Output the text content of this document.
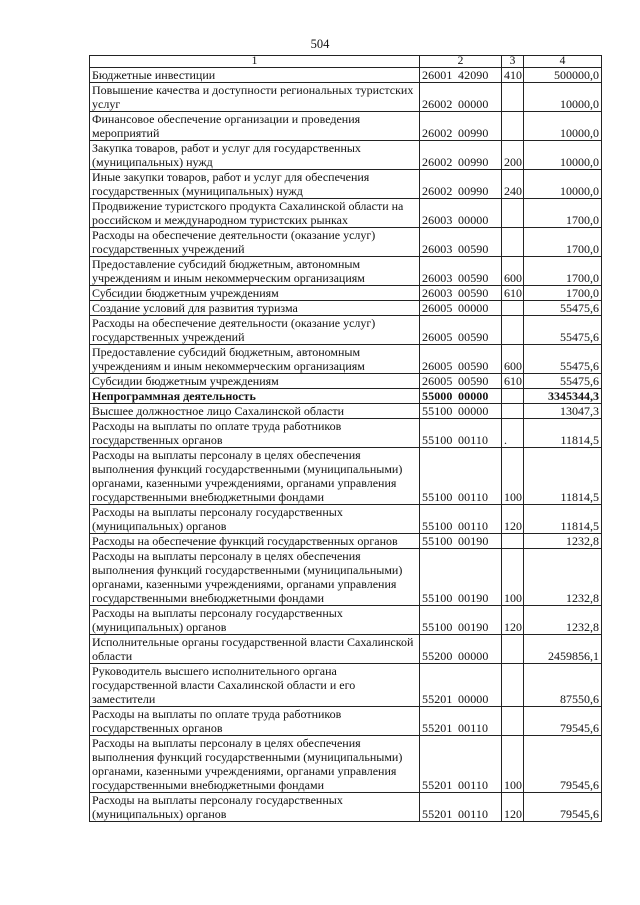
504
1	2	3	4
Бюджетные инвестиции	26001 42090	410	500000,0
Повышение качества и доступности региональных туристских услуг	26002 00000		10000,0
Финансовое обеспечение организации и проведения мероприятий	26002 00990		10000,0
Закупка товаров, работ и услуг для государственных (муниципальных) нужд	26002 00990	200	10000,0
Иные закупки товаров, работ и услуг для обеспечения государственных (муниципальных) нужд	26002 00990	240	10000,0
Продвижение туристского продукта Сахалинской области на российском и международном туристских рынках	26003 00000		1700,0
Расходы на обеспечение деятельности (оказание услуг) государственных учреждений	26003 00590		1700,0
Предоставление субсидий бюджетным, автономным учреждениям и иным некоммерческим организациям	26003 00590	600	1700,0
Субсидии бюджетным учреждениям	26003 00590	610	1700,0
Создание условий для развития туризма	26005 00000		55475,6
Расходы на обеспечение деятельности (оказание услуг) государственных учреждений	26005 00590		55475,6
Предоставление субсидий бюджетным, автономным учреждениям и иным некоммерческим организациям	26005 00590	600	55475,6
Субсидии бюджетным учреждениям	26005 00590	610	55475,6
Непрограммная деятельность	55000 00000		3345344,3
Высшее должностное лицо Сахалинской области	55100 00000		13047,3
Расходы на выплаты по оплате труда работников государственных органов	55100 00110	.	11814,5
Расходы на выплаты персоналу в целях обеспечения выполнения функций государственными (муниципальными) органами, казенными учреждениями, органами управления государственными внебюджетными фондами	55100 00110	100	11814,5
Расходы на выплаты персоналу государственных (муниципальных) органов	55100 00110	120	11814,5
Расходы на обеспечение функций государственных органов	55100 00190		1232,8
Расходы на выплаты персоналу в целях обеспечения выполнения функций государственными (муниципальными) органами, казенными учреждениями, органами управления государственными внебюджетными фондами	55100 00190	100	1232,8
Расходы на выплаты персоналу государственных (муниципальных) органов	55100 00190	120	1232,8
Исполнительные органы государственной власти Сахалинской области	55200 00000		2459856,1
Руководитель высшего исполнительного органа государственной власти Сахалинской области и его заместители	55201 00000		87550,6
Расходы на выплаты по оплате труда работников государственных органов	55201 00110		79545,6
Расходы на выплаты персоналу в целях обеспечения выполнения функций государственными (муниципальными) органами, казенными учреждениями, органами управления государственными внебюджетными фондами	55201 00110	100	79545,6
Расходы на выплаты персоналу государственных (муниципальных) органов	55201 00110	120	79545,6
